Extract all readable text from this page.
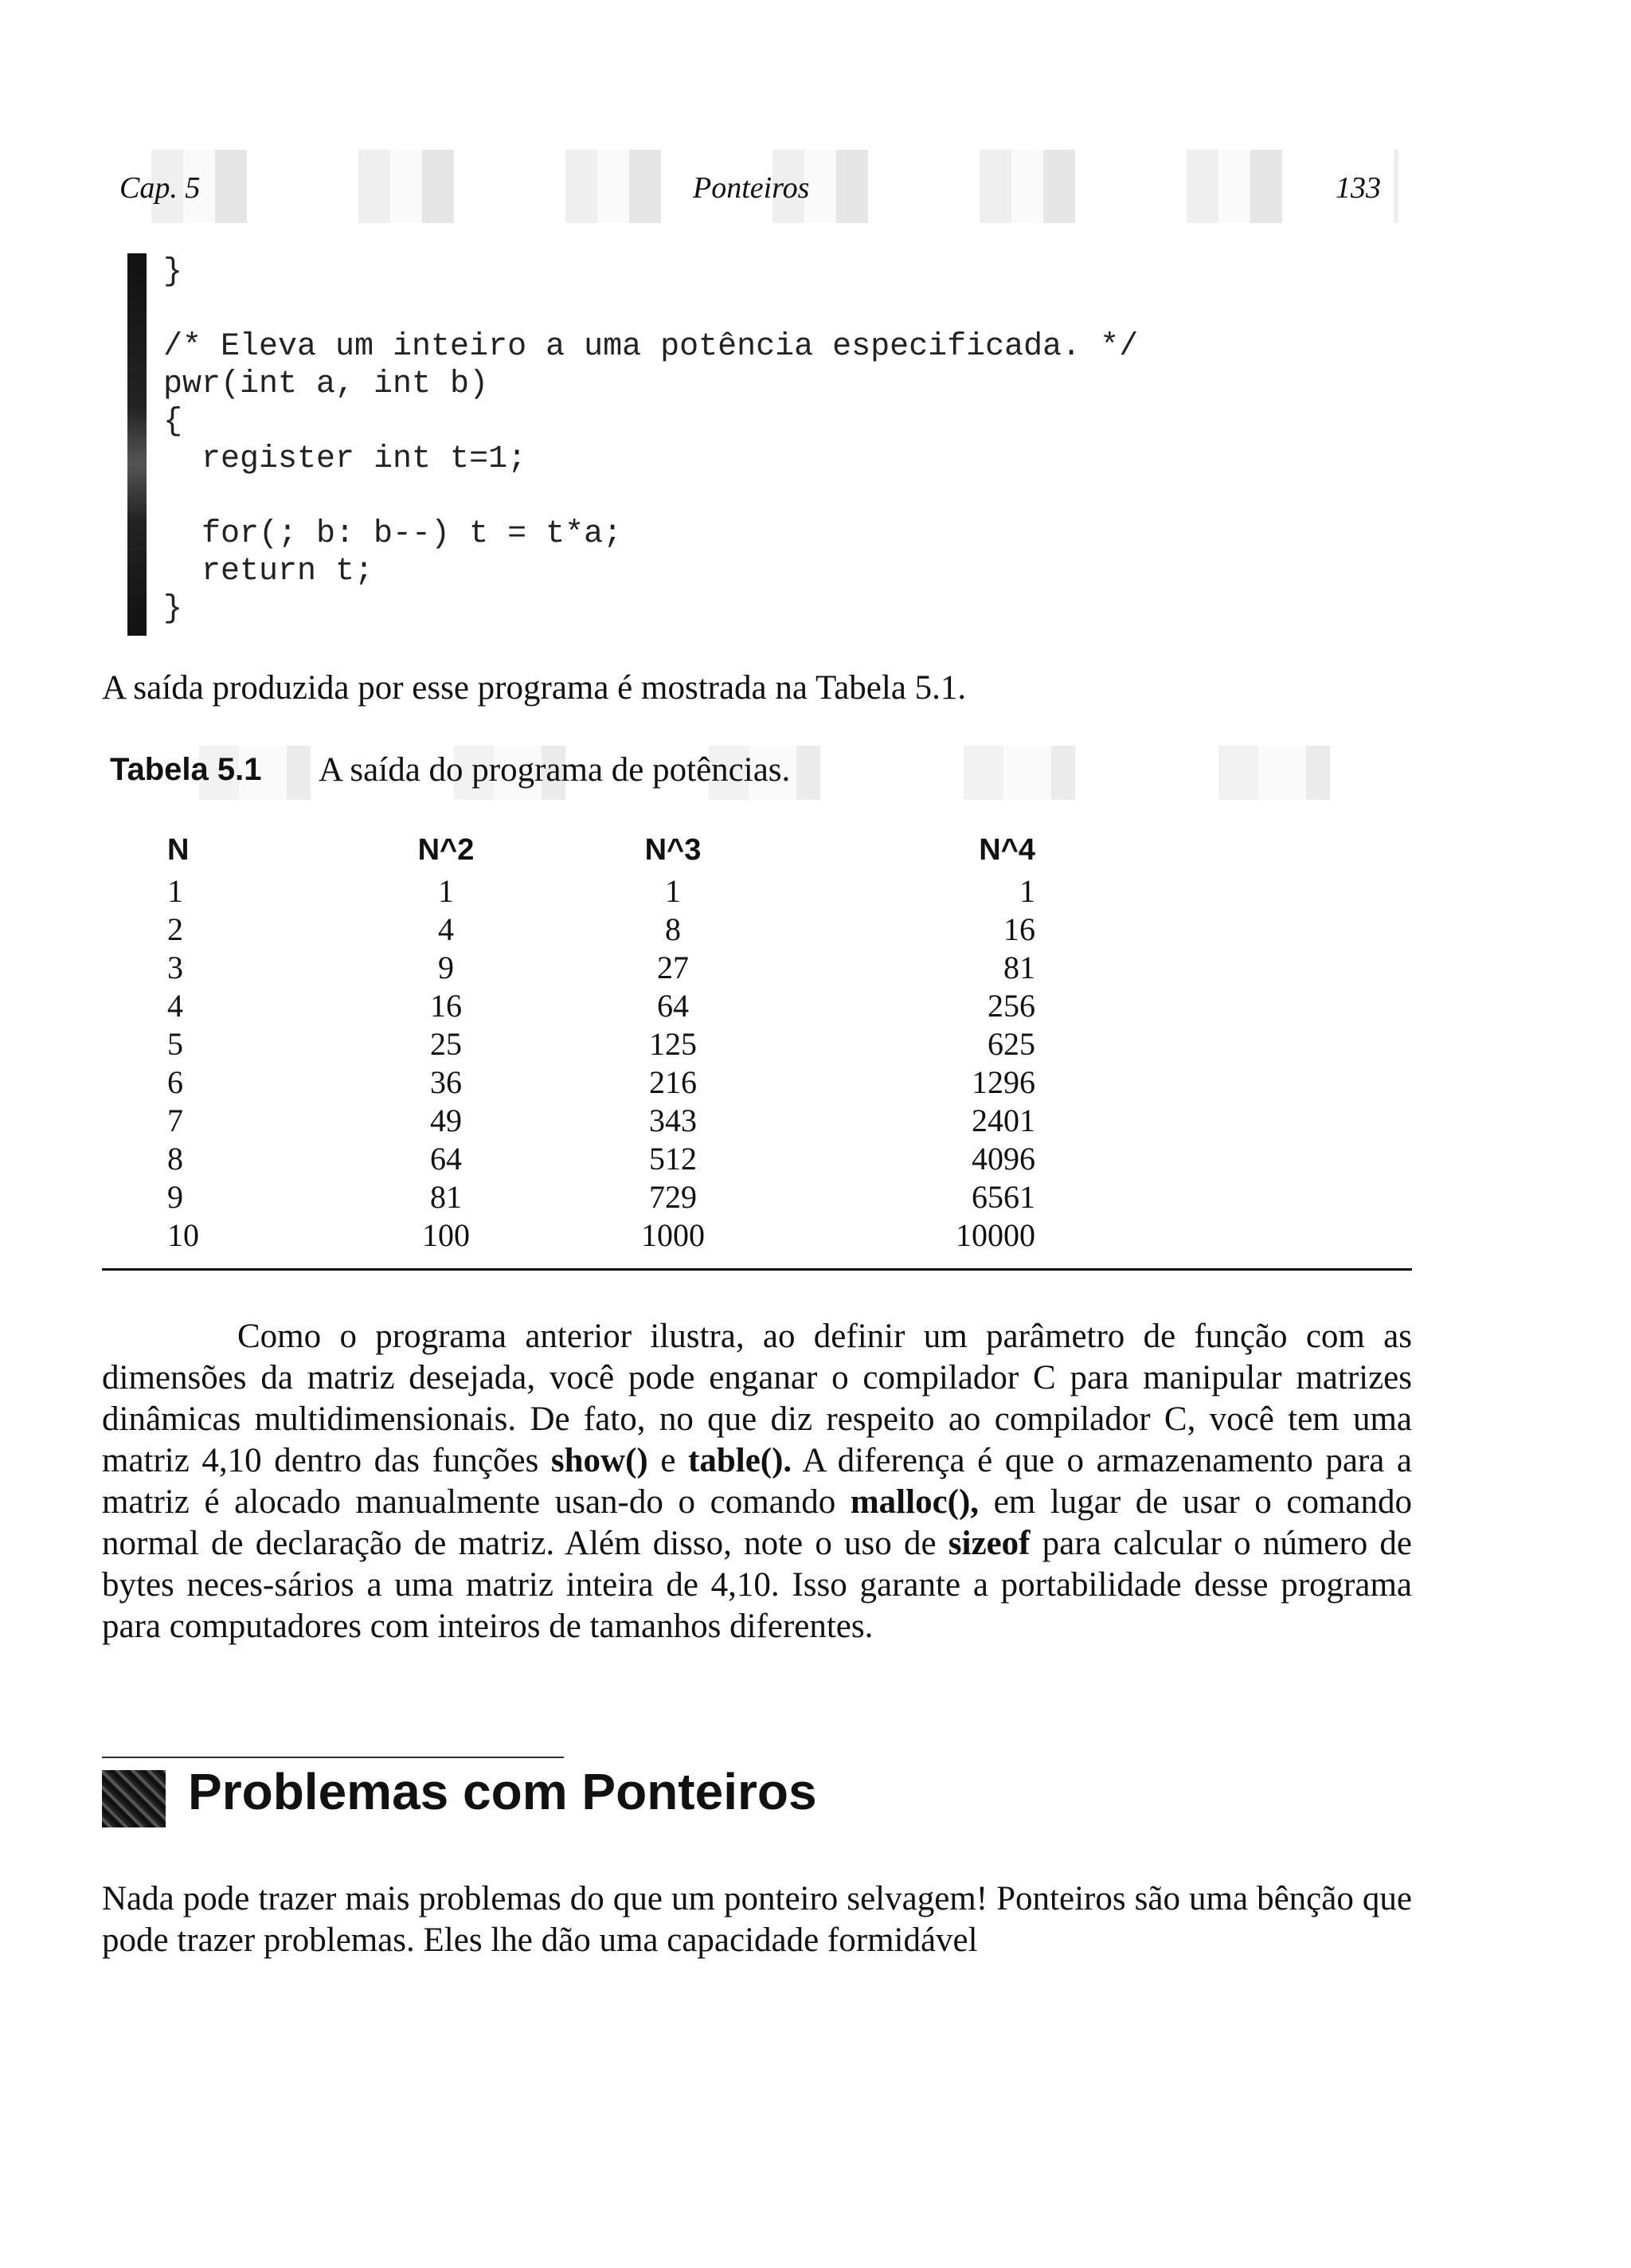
Cap. 5	Ponteiros	133
}

/* Eleva um inteiro a uma potência especificada. */
pwr(int a, int b)
{
register int t=1;

for(; b: b--) t = t*a;
return t;
}
A saída produzida por esse programa é mostrada na Tabela 5.1.
Tabela 5.1 A saída do programa de potências.
N	N^2	N^3	N^4
1	1	1	1
2	4	8	16
3	9	27	81
4	16	64	256
5	25	125	625
6	36	216	1296
7	49	343	2401
8	64	512	4096
9	81	729	6561
10	100	1000	10000
Como o programa anterior ilustra, ao definir um parâmetro de função com as dimensões da matriz desejada, você pode enganar o compilador C para manipular matrizes dinâmicas multidimensionais. De fato, no que diz respeito ao compilador C, você tem uma matriz 4,10 dentro das funções show() e table(). A diferença é que o armazenamento para a matriz é alocado manualmente usan-do o comando malloc(), em lugar de usar o comando normal de declaração de matriz. Além disso, note o uso de sizeof para calcular o número de bytes neces-sários a uma matriz inteira de 4,10. Isso garante a portabilidade desse programa para computadores com inteiros de tamanhos diferentes.
Problemas com Ponteiros
Nada pode trazer mais problemas do que um ponteiro selvagem! Ponteiros são uma bênção que pode trazer problemas. Eles lhe dão uma capacidade formidável
